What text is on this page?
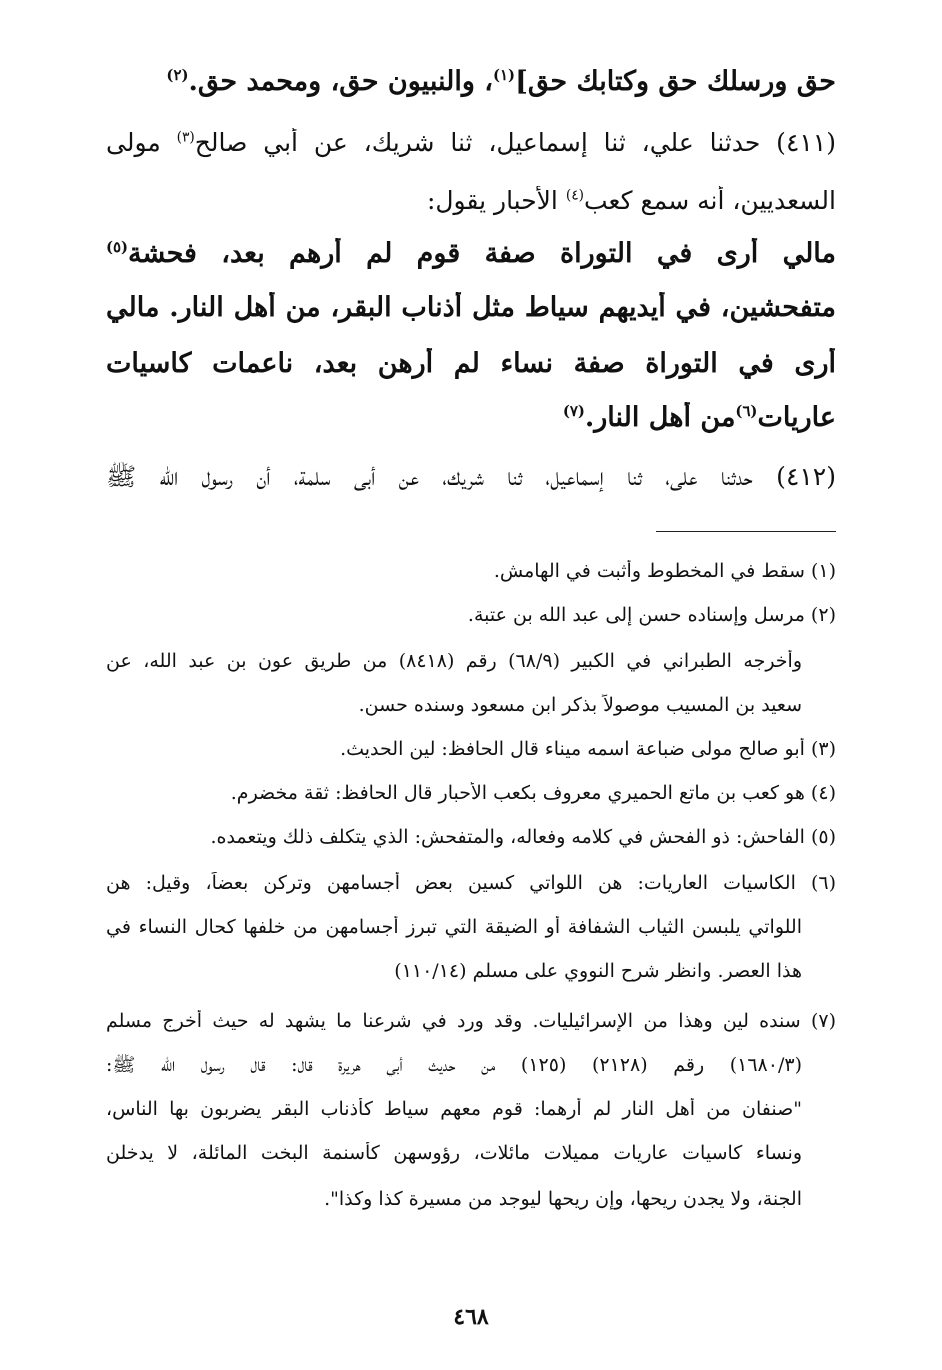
حق ورسلك حق وكتابك حق]$^{(١)}$، والنبيون حق، ومحمد حق.$^{(٢)}$
(٤١١) حدثنا علي، ثنا إسماعيل، ثنا شريك، عن أبي صالح$^{(٣)}$ مولى
السعديين، أنه سمع كعب$^{(٤)}$ الأحبار يقول:
مالي أرى في التوراة صفة قوم لم أرهم بعد، فحشة$^{(٥)}$
متفحشين، في أيديهم سياط مثل أذناب البقر، من أهل النار. مالي
أرى في التوراة صفة نساء لم أرهن بعد، ناعمات كاسيات
عاريات$^{(٦)}$من أهل النار.$^{(٧)}$
(٤١٢) حدثنا علي، ثنا إسماعيل، ثنا شريك، عن أبي سلمة، أن رسول الله ﷺ
(١) سقط في المخطوط وأثبت في الهامش.
(٢) مرسل وإسناده حسن إلى عبد الله بن عتبة.
وأخرجه الطبراني في الكبير (٦٨/٩) رقم (٨٤١٨) من طريق عون بن عبد الله، عن
سعيد بن المسيب موصولاً بذكر ابن مسعود وسنده حسن.
(٣) أبو صالح مولى ضباعة اسمه ميناء قال الحافظ: لين الحديث.
(٤) هو كعب بن ماتع الحميري معروف بكعب الأحبار قال الحافظ: ثقة مخضرم.
(٥) الفاحش: ذو الفحش في كلامه وفعاله، والمتفحش: الذي يتكلف ذلك ويتعمده.
(٦) الكاسيات العاريات: هن اللواتي كسين بعض أجسامهن وتركن بعضاً، وقيل: هن
اللواتي يلبسن الثياب الشفافة أو الضيقة التي تبرز أجسامهن من خلفها كحال النساء في
هذا العصر. وانظر شرح النووي على مسلم (١١٠/١٤)
(٧) سنده لين وهذا من الإسرائيليات. وقد ورد في شرعنا ما يشهد له حيث أخرج مسلم
(١٦٨٠/٣) رقم (٢١٢٨) (١٢٥) من حديث أبي هريرة قال: قال رسول الله ﷺ:
"صنفان من أهل النار لم أرهما: قوم معهم سياط كأذناب البقر يضربون بها الناس،
ونساء كاسيات عاريات مميلات مائلات، رؤوسهن كأسنمة البخت المائلة، لا يدخلن
الجنة، ولا يجدن ريحها، وإن ريحها ليوجد من مسيرة كذا وكذا".
٤٦٨
